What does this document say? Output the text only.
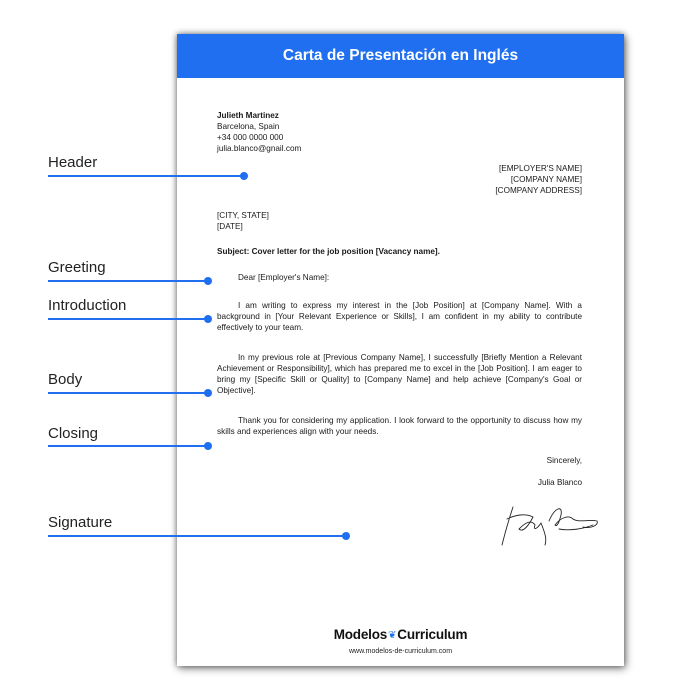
Carta de Presentación en Inglés
Julieth Martinez
Barcelona, Spain
+34 000 0000 000
julia.blanco@gnail.com
[EMPLOYER'S NAME]
[COMPANY NAME]
[COMPANY ADDRESS]
[CITY, STATE]
[DATE]
Subject: Cover letter for the job position [Vacancy name].
Dear [Employer's Name]:
I am writing to express my interest in the [Job Position] at [Company Name]. With a background in [Your Relevant Experience or Skills], I am confident in my ability to contribute effectively to your team.
In my previous role at [Previous Company Name], I successfully [Briefly Mention a Relevant Achievement or Responsibility], which has prepared me to excel in the [Job Position]. I am eager to bring my [Specific Skill or Quality] to [Company Name] and help achieve [Company's Goal or Objective].
Thank you for considering my application. I look forward to the opportunity to discuss how my skills and experiences align with your needs.
Sincerely,
Julia Blanco
Modelos❦Curriculum
www.modelos-de-curriculum.com
Header
Greeting
Introduction
Body
Closing
Signature
